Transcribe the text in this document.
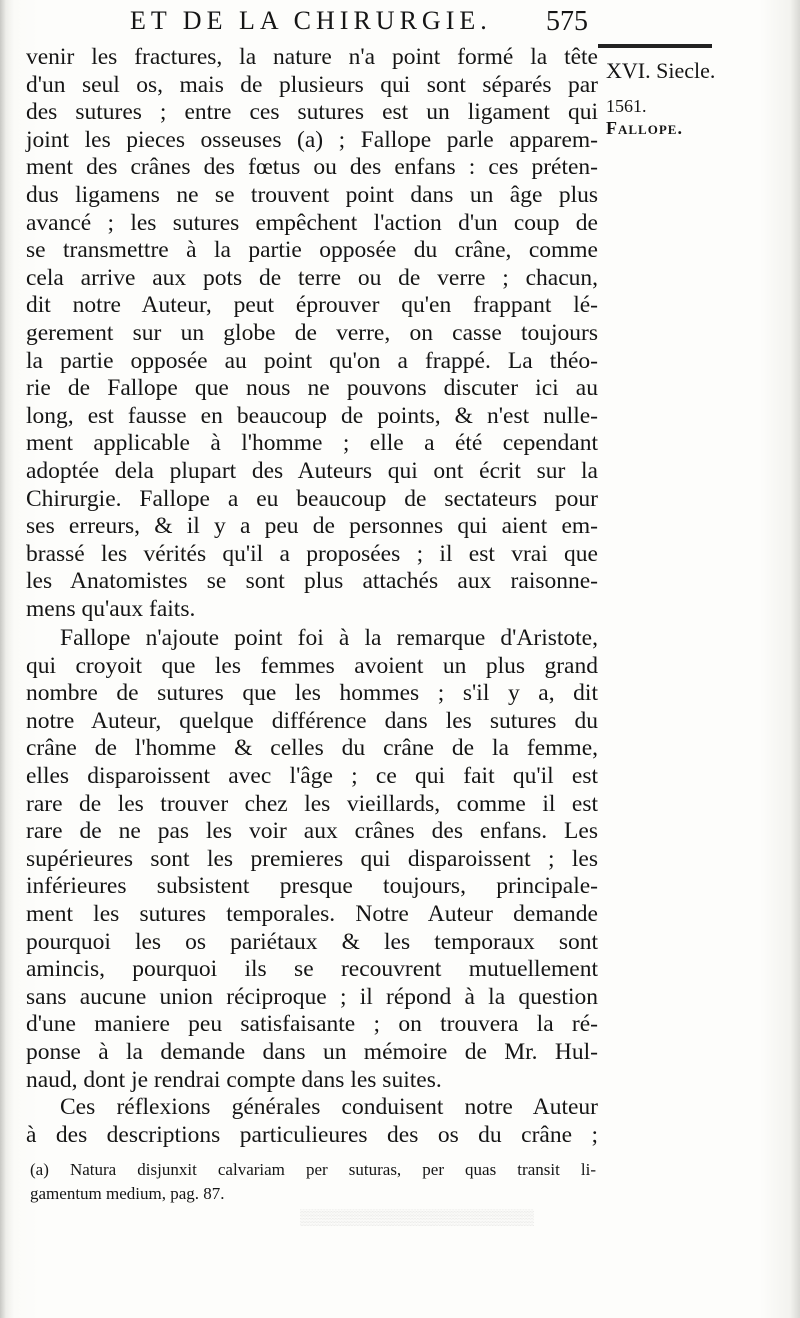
ET DE LA CHIRURGIE.	575
XVI. Siecle.
1561.
Fallope.
venir les fractures, la nature n'a point formé la tête
d'un seul os, mais de plusieurs qui sont séparés par
des sutures ; entre ces sutures est un ligament qui
joint les pieces osseuses (a) ; Fallope parle apparem-
ment des crânes des fœtus ou des enfans : ces préten-
dus ligamens ne se trouvent point dans un âge plus
avancé ; les sutures empêchent l'action d'un coup de
se transmettre à la partie opposée du crâne, comme
cela arrive aux pots de terre ou de verre ; chacun,
dit notre Auteur, peut éprouver qu'en frappant lé-
gerement sur un globe de verre, on casse toujours
la partie opposée au point qu'on a frappé. La théo-
rie de Fallope que nous ne pouvons discuter ici au
long, est fausse en beaucoup de points, & n'est nulle-
ment applicable à l'homme ; elle a été cependant
adoptée dela plupart des Auteurs qui ont écrit sur la
Chirurgie. Fallope a eu beaucoup de sectateurs pour
ses erreurs, & il y a peu de personnes qui aient em-
brassé les vérités qu'il a proposées ; il est vrai que
les Anatomistes se sont plus attachés aux raisonne-
mens qu'aux faits.
Fallope n'ajoute point foi à la remarque d'Aristote,
qui croyoit que les femmes avoient un plus grand
nombre de sutures que les hommes ; s'il y a, dit
notre Auteur, quelque différence dans les sutures du
crâne de l'homme & celles du crâne de la femme,
elles disparoissent avec l'âge ; ce qui fait qu'il est
rare de les trouver chez les vieillards, comme il est
rare de ne pas les voir aux crânes des enfans. Les
supérieures sont les premieres qui disparoissent ; les
inférieures subsistent presque toujours, principale-
ment les sutures temporales. Notre Auteur demande
pourquoi les os pariétaux & les temporaux sont
amincis, pourquoi ils se recouvrent mutuellement
sans aucune union réciproque ; il répond à la question
d'une maniere peu satisfaisante ; on trouvera la ré-
ponse à la demande dans un mémoire de Mr. Hul-
naud, dont je rendrai compte dans les suites.
Ces réflexions générales conduisent notre Auteur
à des descriptions particulieures des os du crâne ;
(a) Natura disjunxit calvariam per suturas, per quas transit li-
gamentum medium, pag. 87.
▒▒▒▒▒▒▒▒▒▒▒▒▒▒▒▒▒▒▒▒▒▒
